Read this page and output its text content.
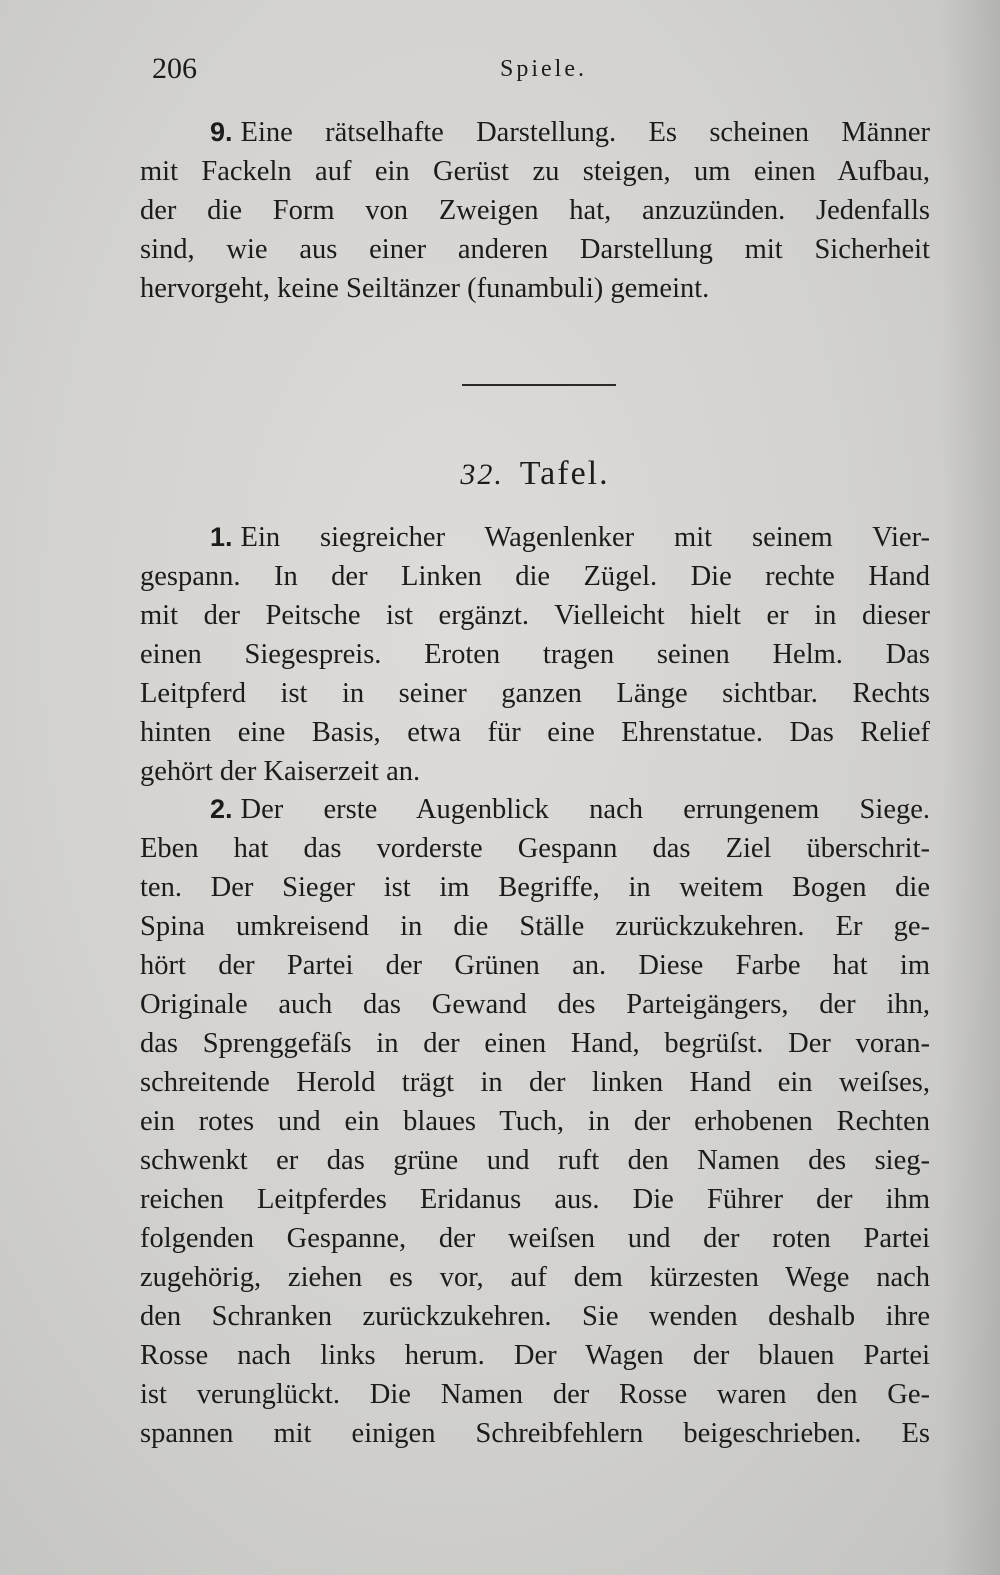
206	Spiele.
9. Eine rätselhafte Darstellung. Es scheinen Männer
mit Fackeln auf ein Gerüst zu steigen, um einen Aufbau,
der die Form von Zweigen hat, anzuzünden. Jedenfalls
sind, wie aus einer anderen Darstellung mit Sicherheit
hervorgeht, keine Seiltänzer (funambuli) gemeint.
32. Tafel.
1. Ein siegreicher Wagenlenker mit seinem Vier-
gespann. In der Linken die Zügel. Die rechte Hand
mit der Peitsche ist ergänzt. Vielleicht hielt er in dieser
einen Siegespreis. Eroten tragen seinen Helm. Das
Leitpferd ist in seiner ganzen Länge sichtbar. Rechts
hinten eine Basis, etwa für eine Ehrenstatue. Das Relief
gehört der Kaiserzeit an.
2. Der erste Augenblick nach errungenem Siege.
Eben hat das vorderste Gespann das Ziel überschrit-
ten. Der Sieger ist im Begriffe, in weitem Bogen die
Spina umkreisend in die Ställe zurückzukehren. Er ge-
hört der Partei der Grünen an. Diese Farbe hat im
Originale auch das Gewand des Parteigängers, der ihn,
das Sprenggefäſs in der einen Hand, begrüſst. Der voran-
schreitende Herold trägt in der linken Hand ein weiſses,
ein rotes und ein blaues Tuch, in der erhobenen Rechten
schwenkt er das grüne und ruft den Namen des sieg-
reichen Leitpferdes Eridanus aus. Die Führer der ihm
folgenden Gespanne, der weiſsen und der roten Partei
zugehörig, ziehen es vor, auf dem kürzesten Wege nach
den Schranken zurückzukehren. Sie wenden deshalb ihre
Rosse nach links herum. Der Wagen der blauen Partei
ist verunglückt. Die Namen der Rosse waren den Ge-
spannen mit einigen Schreibfehlern beigeschrieben. Es
